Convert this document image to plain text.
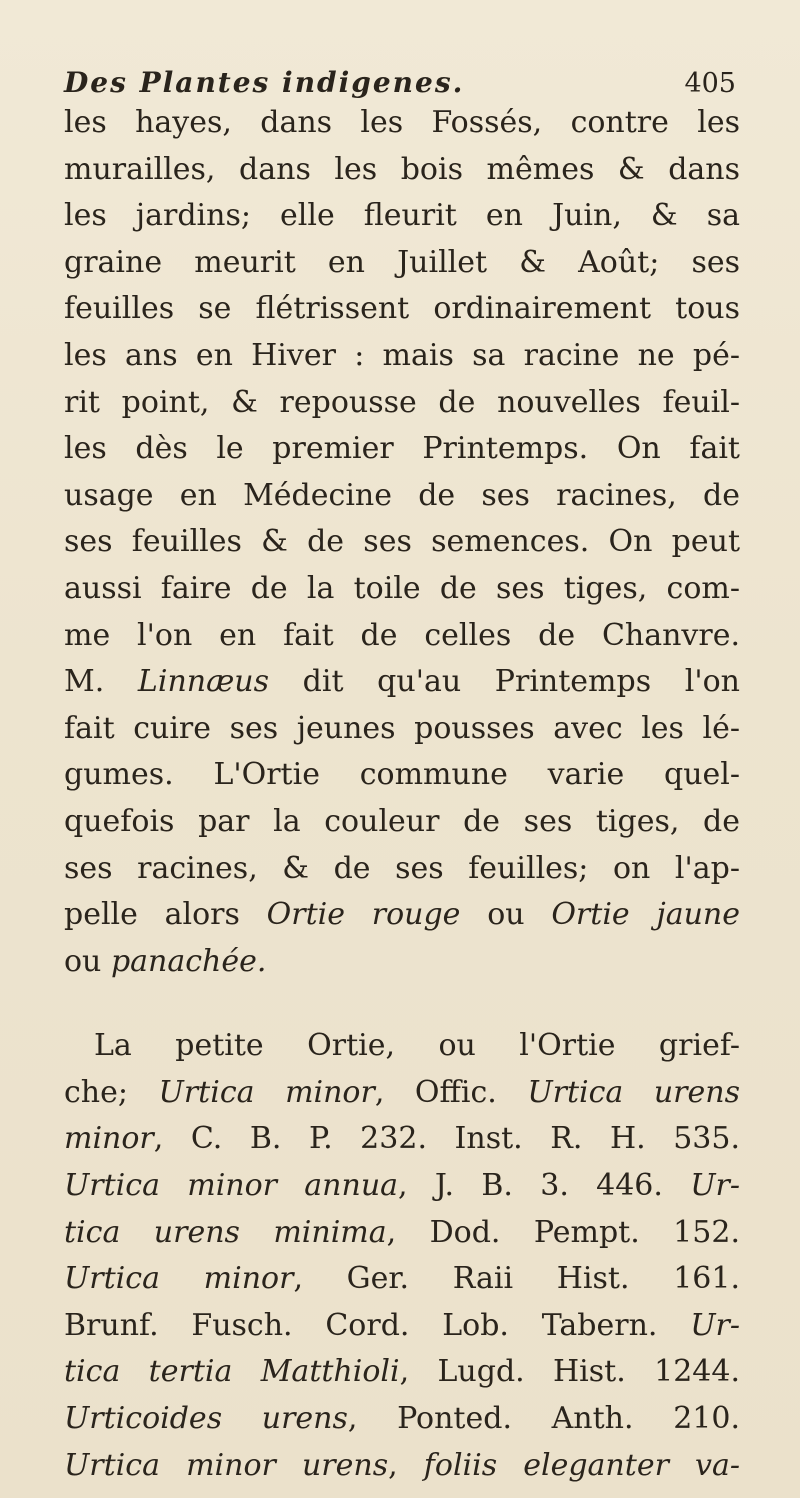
Des Plantes indigenes.	405
les hayes, dans les Fossés, contre les
murailles, dans les bois mêmes & dans
les jardins; elle fleurit en Juin, & sa
graine meurit en Juillet & Août; ses
feuilles se flétrissent ordinairement tous
les ans en Hiver : mais sa racine ne pé-
rit point, & repousse de nouvelles feuil-
les dès le premier Printemps. On fait
usage en Médecine de ses racines, de
ses feuilles & de ses semences. On peut
aussi faire de la toile de ses tiges, com-
me l'on en fait de celles de Chanvre.
M. Linnæus dit qu'au Printemps l'on
fait cuire ses jeunes pousses avec les lé-
gumes. L'Ortie commune varie quel-
quefois par la couleur de ses tiges, de
ses racines, & de ses feuilles; on l'ap-
pelle alors Ortie rouge ou Ortie jaune
ou panachée.
La petite Ortie, ou l'Ortie grief-
che; Urtica minor, Offic. Urtica urens
minor, C. B. P. 232. Inst. R. H. 535.
Urtica minor annua, J. B. 3. 446. Ur-
tica urens minima, Dod. Pempt. 152.
Urtica minor, Ger. Raii Hist. 161.
Brunf. Fusch. Cord. Lob. Tabern. Ur-
tica tertia Matthioli, Lugd. Hist. 1244.
Urticoides urens, Ponted. Anth. 210.
Urtica minor urens, foliis eleganter va-
